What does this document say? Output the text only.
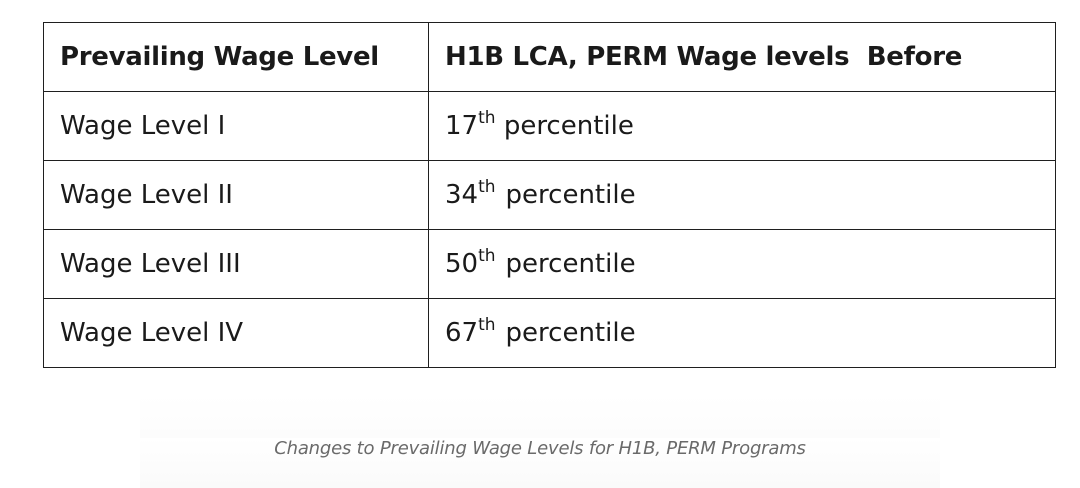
Prevailing Wage Level	H1B LCA, PERM Wage levels  Before
Wage Level I	17th percentile
Wage Level II	34th percentile
Wage Level III	50th percentile
Wage Level IV	67th percentile
Changes to Prevailing Wage Levels for H1B, PERM Programs
